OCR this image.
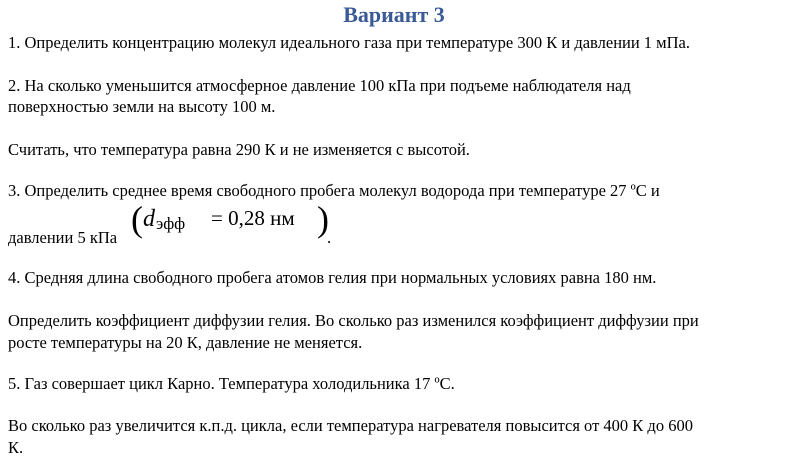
Вариант 3
1. Определить концентрацию молекул идеального газа при температуре 300 К и давлении 1 мПа.
2. На сколько уменьшится атмосферное давление 100 кПа при подъеме наблюдателя над
поверхностью земли на высоту 100 м.
Считать, что температура равна 290 К и не изменяется с высотой.
3. Определить среднее время свободного пробега молекул водорода при температуре 27 ºС и
давлении 5 кПа ( d эфф = 0,28 нм )
.
4. Средняя длина свободного пробега атомов гелия при нормальных условиях равна 180 нм.
Определить коэффициент диффузии гелия. Во сколько раз изменился коэффициент диффузии при
росте температуры на 20 К, давление не меняется.
5. Газ совершает цикл Карно. Температура холодильника 17 ºС.
Во сколько раз увеличится к.п.д. цикла, если температура нагревателя повысится от 400 К до 600
К.
